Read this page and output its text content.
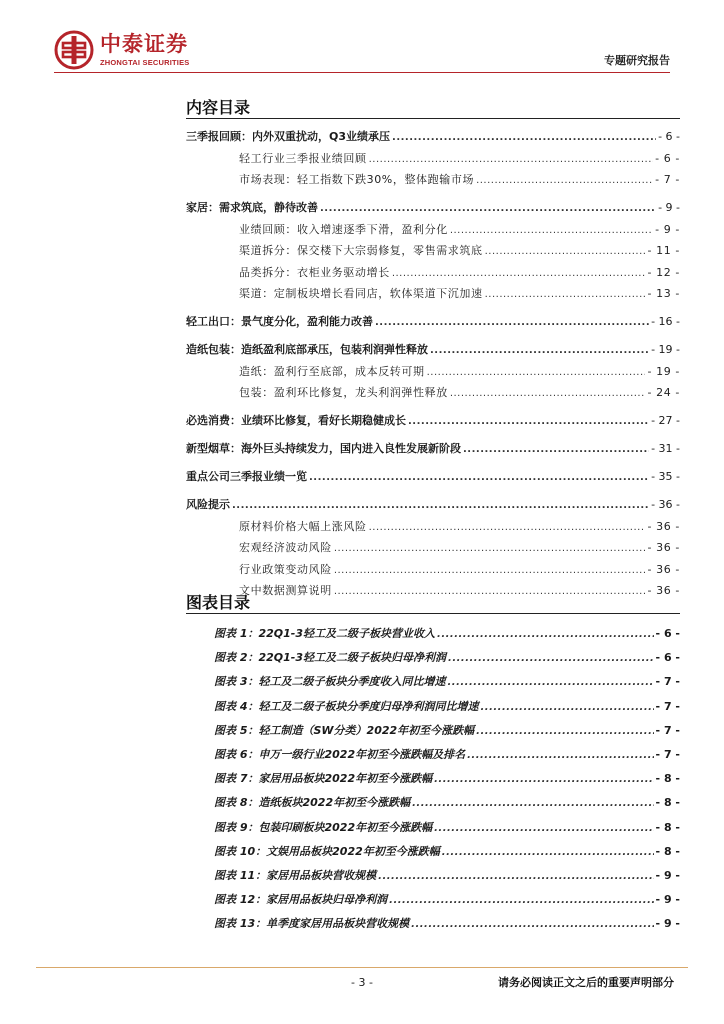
中泰证券
ZHONGTAI SECURITIES	专题研究报告
内容目录
三季报回顾：内外双重扰动，Q3业绩承压 .....	- 6 -
轻工行业三季报业绩回顾 .....	- 6 -
市场表现：轻工指数下跌30%，整体跑输市场 .....	- 7 -
家居：需求筑底，静待改善 .....	- 9 -
业绩回顾：收入增速逐季下滑，盈利分化 .....	- 9 -
渠道拆分：保交楼下大宗弱修复，零售需求筑底 .....	- 11 -
品类拆分：衣柜业务驱动增长 .....	- 12 -
渠道：定制板块增长看同店，软体渠道下沉加速 .....	- 13 -
轻工出口：景气度分化，盈利能力改善 .....	- 16 -
造纸包装：造纸盈利底部承压，包装利润弹性释放 .....	- 19 -
造纸：盈利行至底部，成本反转可期 .....	- 19 -
包装：盈利环比修复，龙头利润弹性释放 .....	- 24 -
必选消费：业绩环比修复，看好长期稳健成长 .....	- 27 -
新型烟草：海外巨头持续发力，国内进入良性发展新阶段 .....	- 31 -
重点公司三季报业绩一览 .....	- 35 -
风险提示 .....	- 36 -
原材料价格大幅上涨风险 .....	- 36 -
宏观经济波动风险 .....	- 36 -
行业政策变动风险 .....	- 36 -
文中数据测算说明 .....	- 36 -
图表目录
图表 1：22Q1-3轻工及二级子板块营业收入 .....	- 6 -
图表 2：22Q1-3轻工及二级子板块归母净利润 .....	- 6 -
图表 3：轻工及二级子板块分季度收入同比增速 .....	- 7 -
图表 4：轻工及二级子板块分季度归母净利润同比增速 .....	- 7 -
图表 5：轻工制造（SW分类）2022年初至今涨跌幅 .....	- 7 -
图表 6：申万一级行业2022年初至今涨跌幅及排名 .....	- 7 -
图表 7：家居用品板块2022年初至今涨跌幅 .....	- 8 -
图表 8：造纸板块2022年初至今涨跌幅 .....	- 8 -
图表 9：包装印刷板块2022年初至今涨跌幅 .....	- 8 -
图表 10：文娱用品板块2022年初至今涨跌幅 .....	- 8 -
图表 11：家居用品板块营收规模 .....	- 9 -
图表 12：家居用品板块归母净利润 .....	- 9 -
图表 13：单季度家居用品板块营收规模 .....	- 9 -
- 3 -	请务必阅读正文之后的重要声明部分
